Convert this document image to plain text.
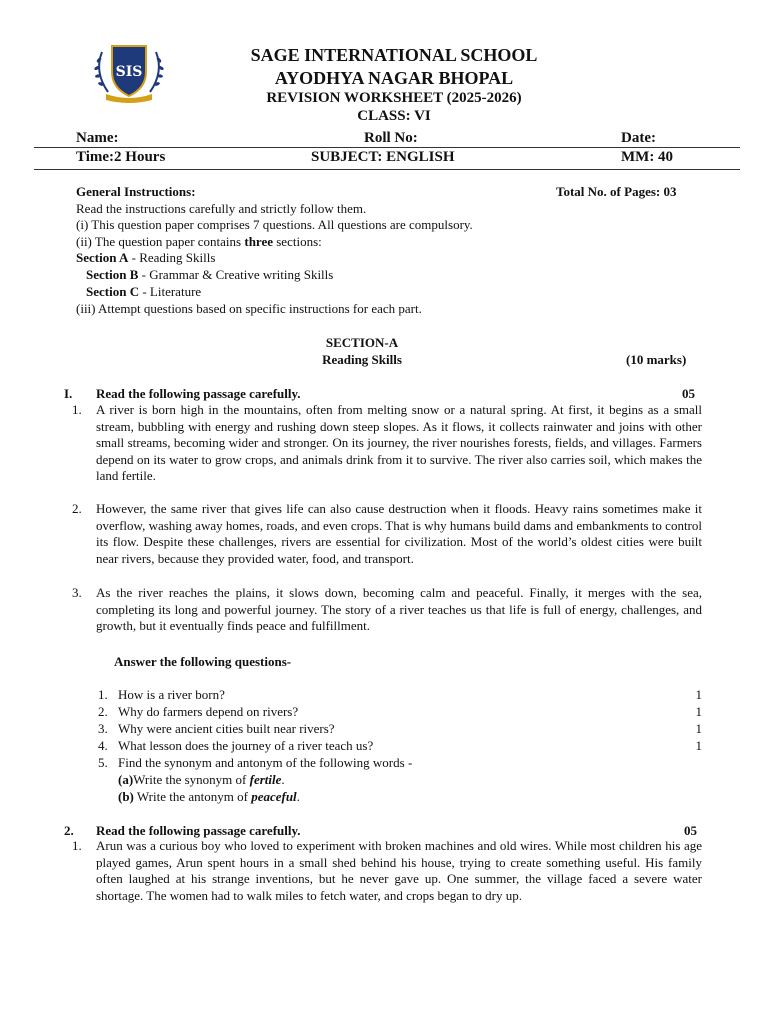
SIS
SAGE INTERNATIONAL SCHOOL
AYODHYA NAGAR BHOPAL
REVISION WORKSHEET (2025-2026)
CLASS: VI
Name:	Roll No:	Date:
Time:2 Hours	SUBJECT: ENGLISH	MM: 40
General Instructions:	Total No. of Pages: 03
Read the instructions carefully and strictly follow them.
(i) This question paper comprises 7 questions. All questions are compulsory.
(ii) The question paper contains three sections:
Section A - Reading Skills
Section B - Grammar & Creative writing Skills
Section C - Literature
(iii) Attempt questions based on specific instructions for each part.
SECTION-A
Reading Skills	(10 marks)
I. Read the following passage carefully.	05
1. A river is born high in the mountains, often from melting snow or a natural spring. At first, it begins as a small stream, bubbling with energy and rushing down steep slopes. As it flows, it collects rainwater and joins with other small streams, becoming wider and stronger. On its journey, the river nourishes forests, fields, and villages. Farmers depend on its water to grow crops, and animals drink from it to survive. The river also carries soil, which makes the land fertile.
2. However, the same river that gives life can also cause destruction when it floods. Heavy rains sometimes make it overflow, washing away homes, roads, and even crops. That is why humans build dams and embankments to control its flow. Despite these challenges, rivers are essential for civilization. Most of the world’s oldest cities were built near rivers, because they provided water, food, and transport.
3. As the river reaches the plains, it slows down, becoming calm and peaceful. Finally, it merges with the sea, completing its long and powerful journey. The story of a river teaches us that life is full of energy, challenges, and growth, but it eventually finds peace and fulfillment.
Answer the following questions-
1. How is a river born?	1
2. Why do farmers depend on rivers?	1
3. Why were ancient cities built near rivers?	1
4. What lesson does the journey of a river teach us?	1
5. Find the synonym and antonym of the following words -
(a)Write the synonym of fertile.
(b) Write the antonym of peaceful.
2. Read the following passage carefully.	05
1. Arun was a curious boy who loved to experiment with broken machines and old wires. While most children his age played games, Arun spent hours in a small shed behind his house, trying to create something useful. His family often laughed at his strange inventions, but he never gave up. One summer, the village faced a severe water shortage. The women had to walk miles to fetch water, and crops began to dry up.
